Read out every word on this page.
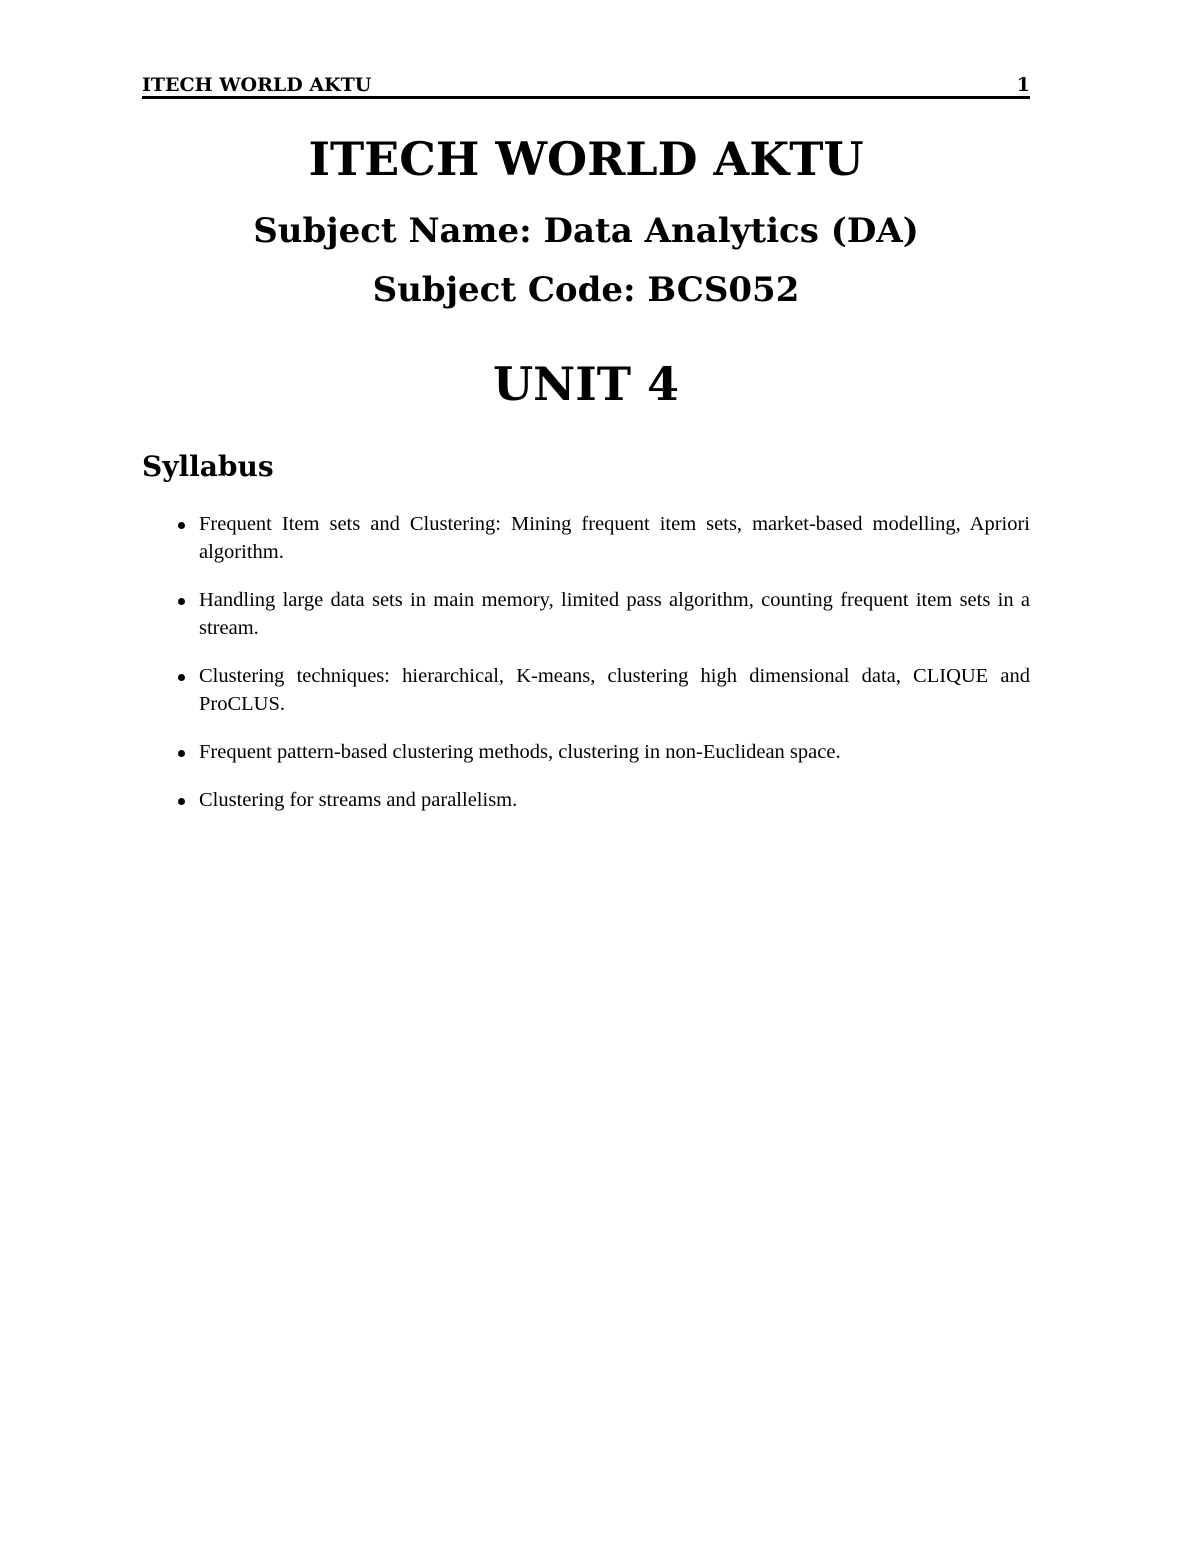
ITECH WORLD AKTU	1
ITECH WORLD AKTU
Subject Name: Data Analytics (DA)
Subject Code: BCS052
UNIT 4
Syllabus
Frequent Item sets and Clustering: Mining frequent item sets, market-based modelling, Apriori algorithm.
Handling large data sets in main memory, limited pass algorithm, counting frequent item sets in a stream.
Clustering techniques: hierarchical, K-means, clustering high dimensional data, CLIQUE and ProCLUS.
Frequent pattern-based clustering methods, clustering in non-Euclidean space.
Clustering for streams and parallelism.
